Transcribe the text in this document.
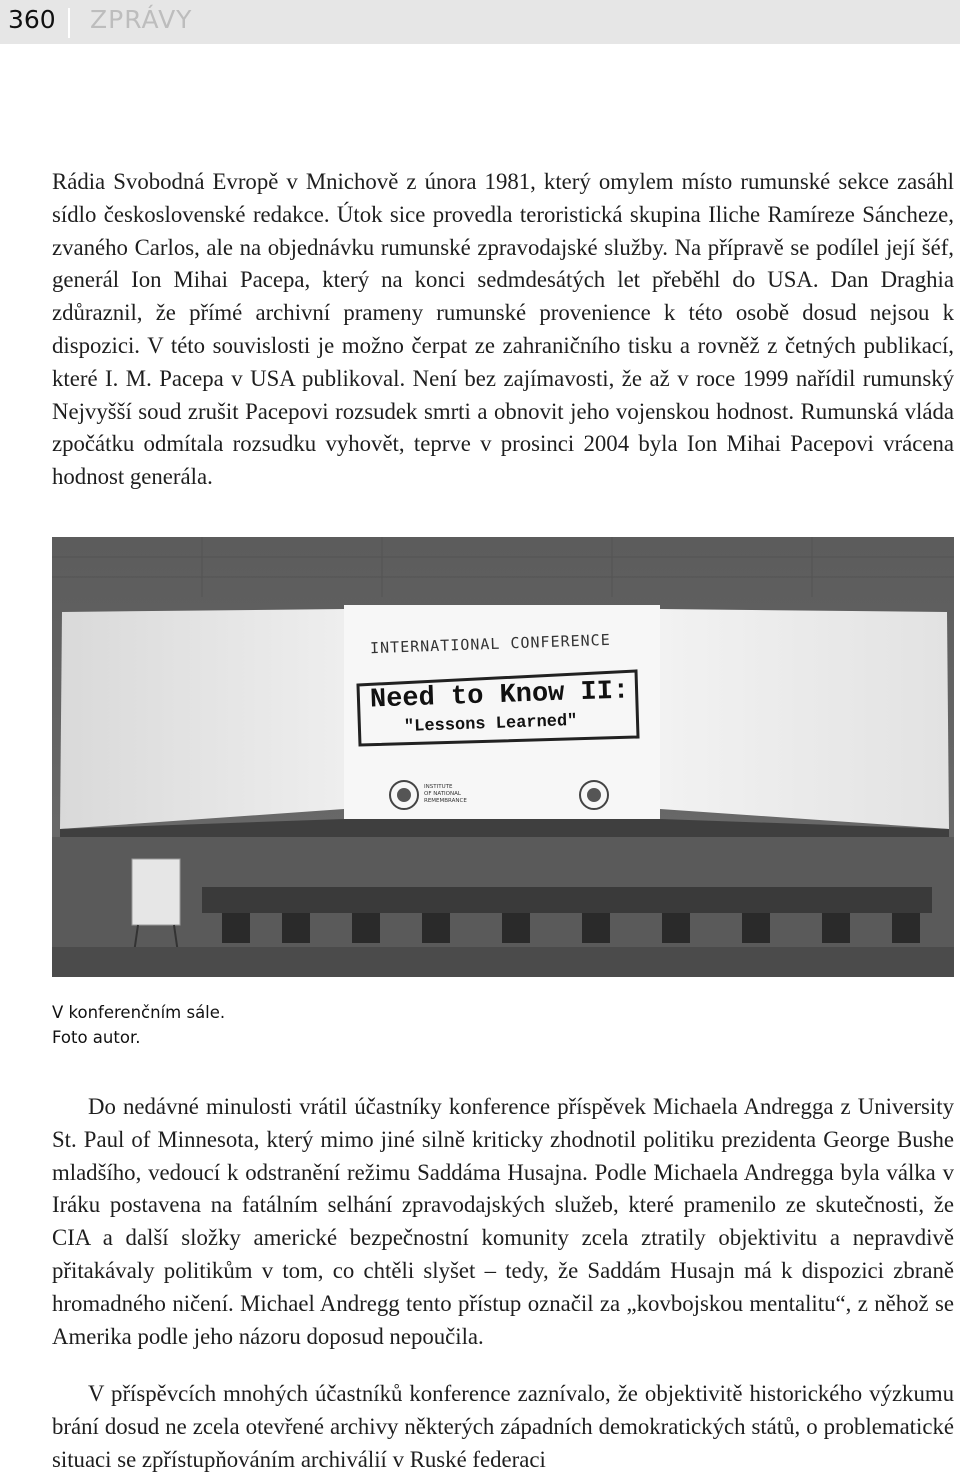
360 ZPRÁVY

Rádia Svobodná Evropě v Mnichově z února 1981, který omylem místo rumunské sekce zasáhl sídlo československé redakce. Útok sice provedla teroristická skupina Iliche Ramíreze Sáncheze, zvaného Carlos, ale na objednávku rumunské zpravodajské služby. Na přípravě se podílel její šéf, generál Ion Mihai Pacepa, který na konci sedmdesátých let přeběhl do USA. Dan Draghia zdůraznil, že přímé archivní prameny rumunské provenience k této osobě dosud nejsou k dispozici. V této souvislosti je možno čerpat ze zahraničního tisku a rovněž z četných publikací, které I. M. Pacepa v USA publikoval. Není bez zajímavosti, že až v roce 1999 nařídil rumunský Nejvyšší soud zrušit Pacepovi rozsudek smrti a obnovit jeho vojenskou hodnost. Rumunská vláda zpočátku odmítala rozsudku vyhovět, teprve v prosinci 2004 byla Ion Mihai Pacepovi vrácena hodnost generála.

INTERNATIONAL CONFERENCE
Need to Know II:
"Lessons Learned"
INSTITUTE
OF NATIONAL
REMEMBRANCE
V konferenčním sále.
Foto autor.

Do nedávné minulosti vrátil účastníky konference příspěvek Michaela Andregga z University St. Paul of Minnesota, který mimo jiné silně kriticky zhodnotil politiku prezidenta George Bushe mladšího, vedoucí k odstranění režimu Saddáma Husajna. Podle Michaela Andregga byla válka v Iráku postavena na fatálním selhání zpravodajských služeb, které pramenilo ze skutečnosti, že CIA a další složky americké bezpečnostní komunity zcela ztratily objektivitu a nepravdivě přitakávaly politikům v tom, co chtěli slyšet – tedy, že Saddám Husajn má k dispozici zbraně hromadného ničení. Michael Andregg tento přístup označil za „kovbojskou mentalitu“, z něhož se Amerika podle jeho názoru doposud nepoučila.

V příspěvcích mnohých účastníků konference zaznívalo, že objektivitě historického výzkumu brání dosud ne zcela otevřené archivy některých západních demokratických států, o problematické situaci se zpřístupňováním archiválií v Ruské federaci
